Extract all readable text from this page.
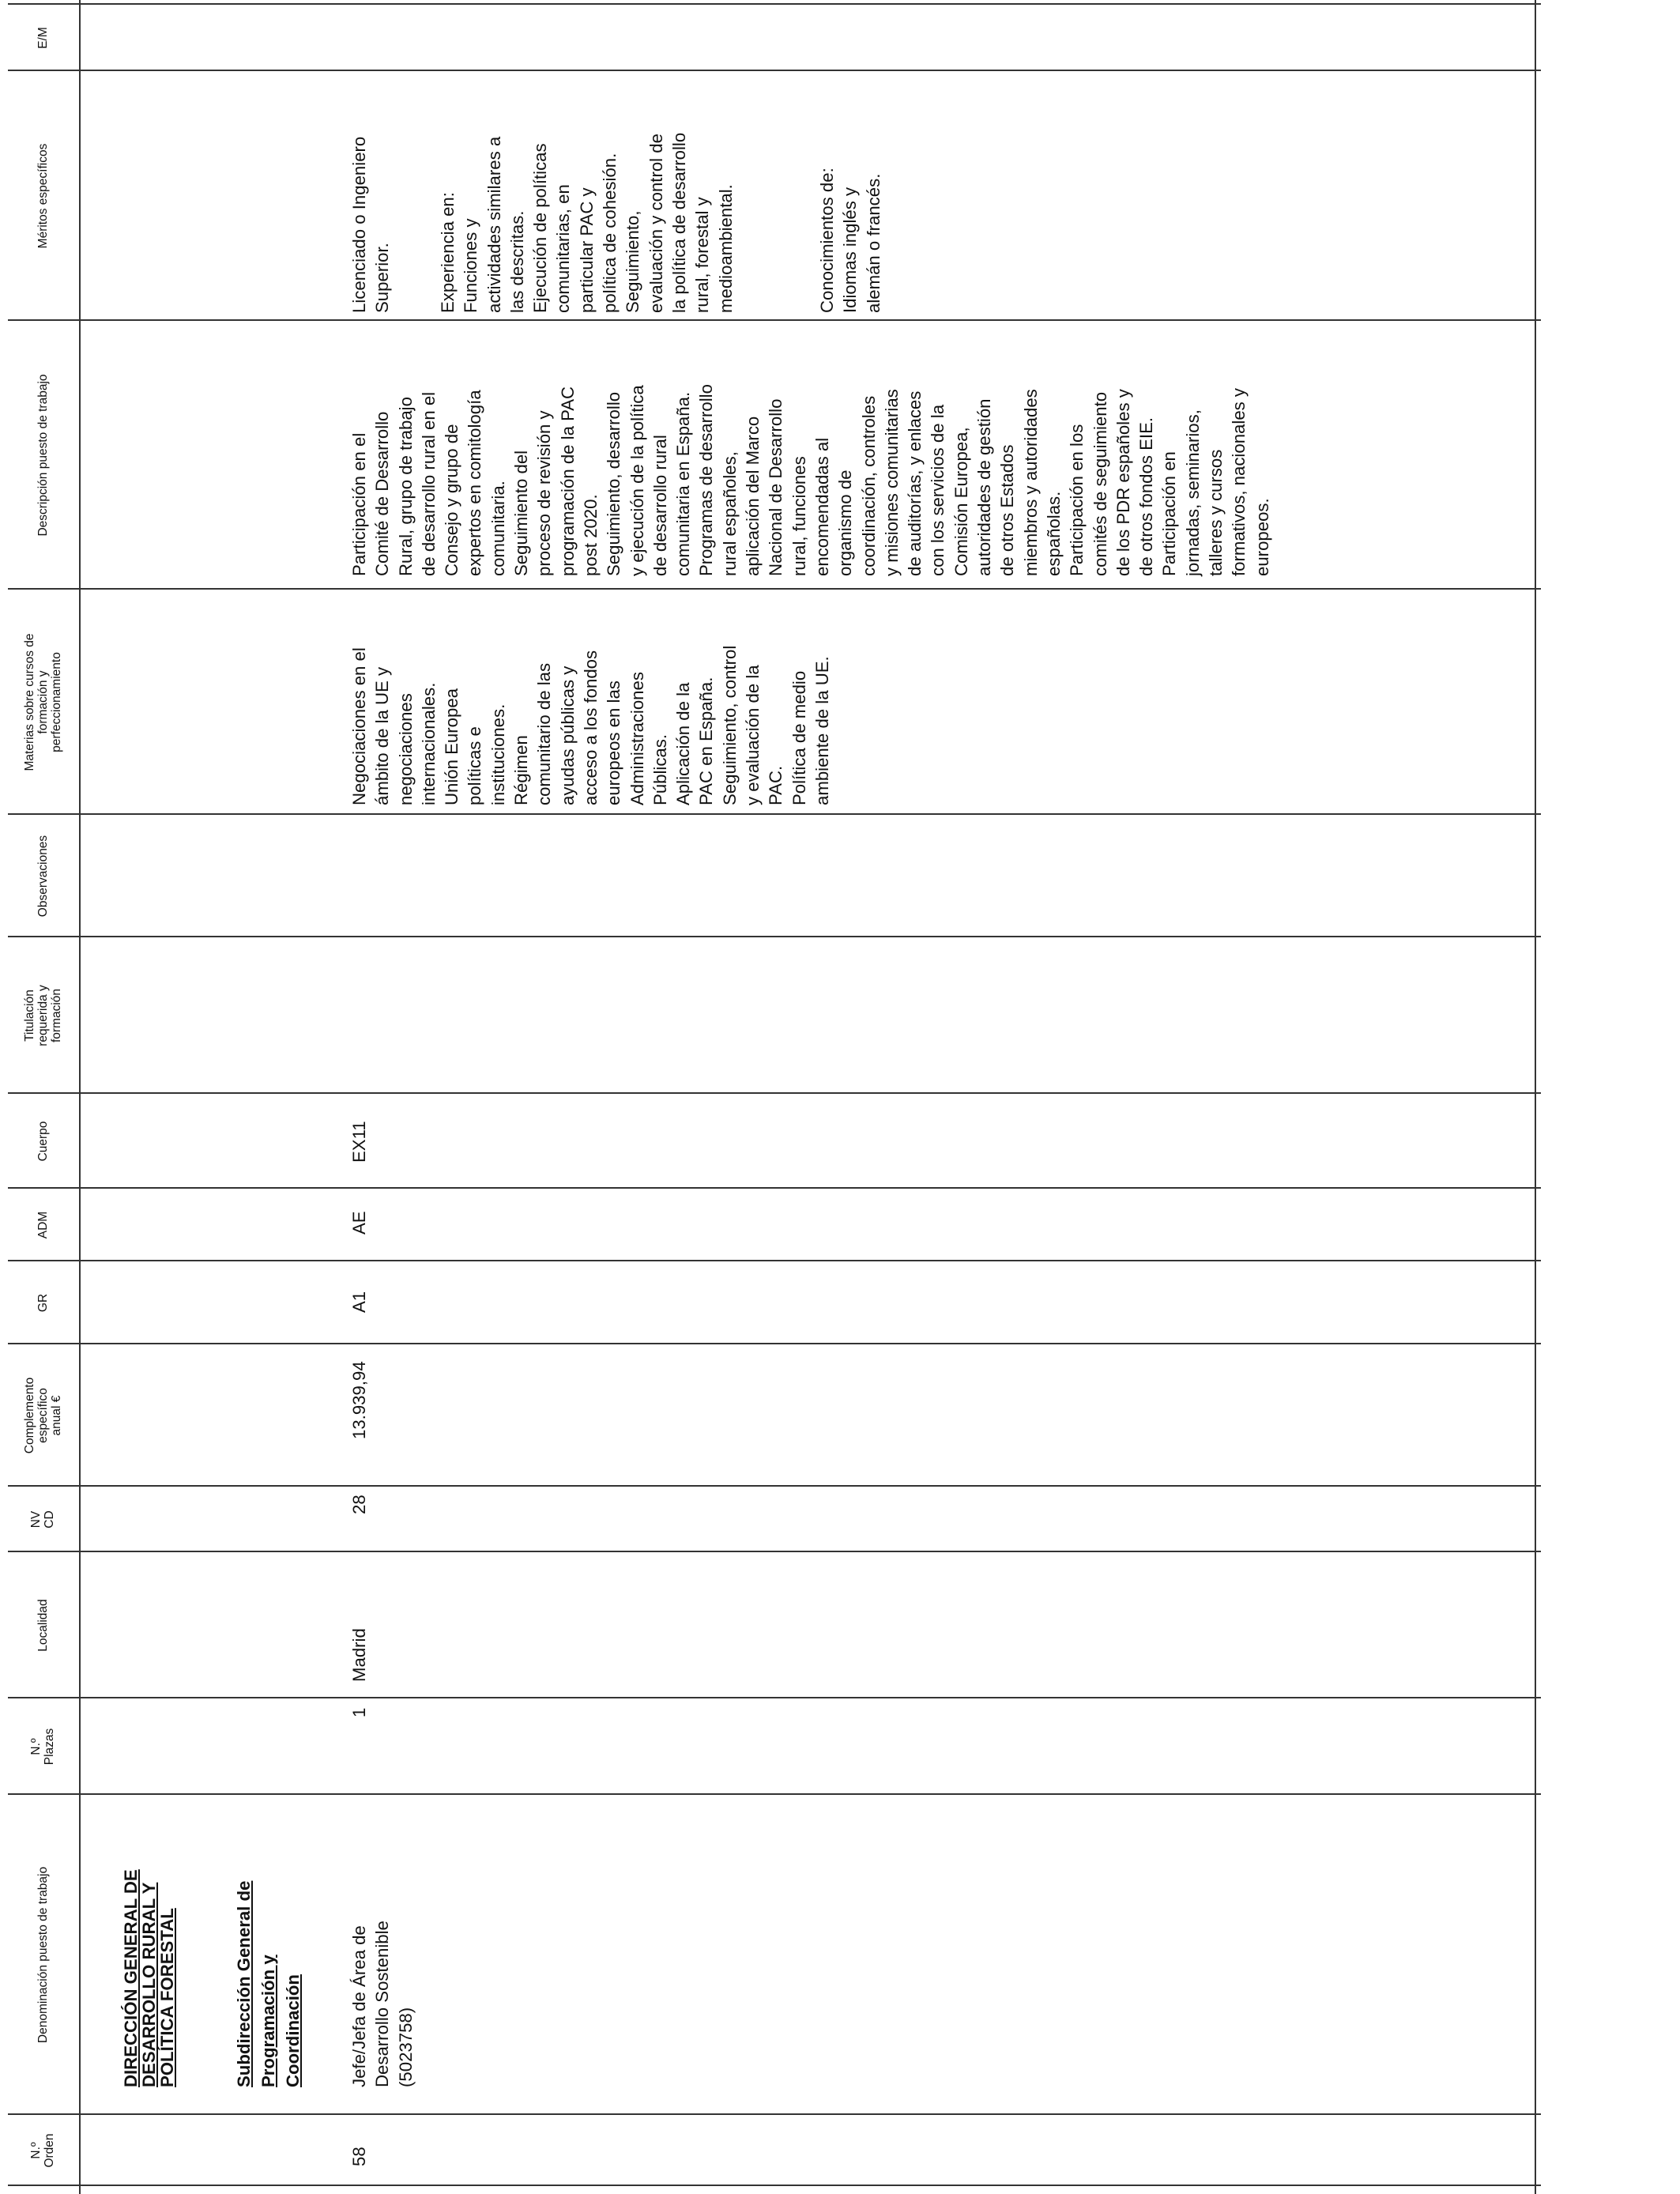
N.º
Orden
Denominación puesto de trabajo
N.º
Plazas
Localidad
NV
CD
Complemento
específico
anual €
GR
ADM
Cuerpo
Titulación
requerida y
formación
Observaciones
Materias sobre cursos de
formación y
perfeccionamiento
Descripción puesto de trabajo
Méritos específicos
E/M
DIRECCIÓN GENERAL DE
DESARROLLO RURAL Y
POLÍTICA FORESTAL
Subdirección General de
Programación y
Coordinación
58
Jefe/Jefa de Área de
Desarrollo Sostenible
(5023758)
1
Madrid
28
13.939,94
A1
AE
EX11
Negociaciones en el
ámbito de la UE y
negociaciones
internacionales.
Unión Europea
políticas e
instituciones.
Régimen
comunitario de las
ayudas públicas y
acceso a los fondos
europeos en las
Administraciones
Públicas.
Aplicación de la
PAC en España.
Seguimiento, control
y evaluación de la
PAC.
Política de medio
ambiente de la UE.
Participación en el
Comité de Desarrollo
Rural, grupo de trabajo
de desarrollo rural en el
Consejo y grupo de
expertos en comitología
comunitaria.
Seguimiento del
proceso de revisión y
programación de la PAC
post 2020.
Seguimiento, desarrollo
y ejecución de la política
de desarrollo rural
comunitaria en España.
Programas de desarrollo
rural españoles,
aplicación del Marco
Nacional de Desarrollo
rural, funciones
encomendadas al
organismo de
coordinación, controles
y misiones comunitarias
de auditorías, y enlaces
con los servicios de la
Comisión Europea,
autoridades de gestión
de otros Estados
miembros y autoridades
españolas.
Participación en los
comités de seguimiento
de los PDR españoles y
de otros fondos EIE.
Participación en
jornadas, seminarios,
talleres y cursos
formativos, nacionales y
europeos.
Licenciado o Ingeniero
Superior.	Experiencia en:
Funciones y
actividades similares a
las descritas.
Ejecución de políticas
comunitarias, en
particular PAC y
política de cohesión.
Seguimiento,
evaluación y control de
la política de desarrollo
rural, forestal y
medioambiental.	Conocimientos de:
Idiomas inglés y
alemán o francés.
